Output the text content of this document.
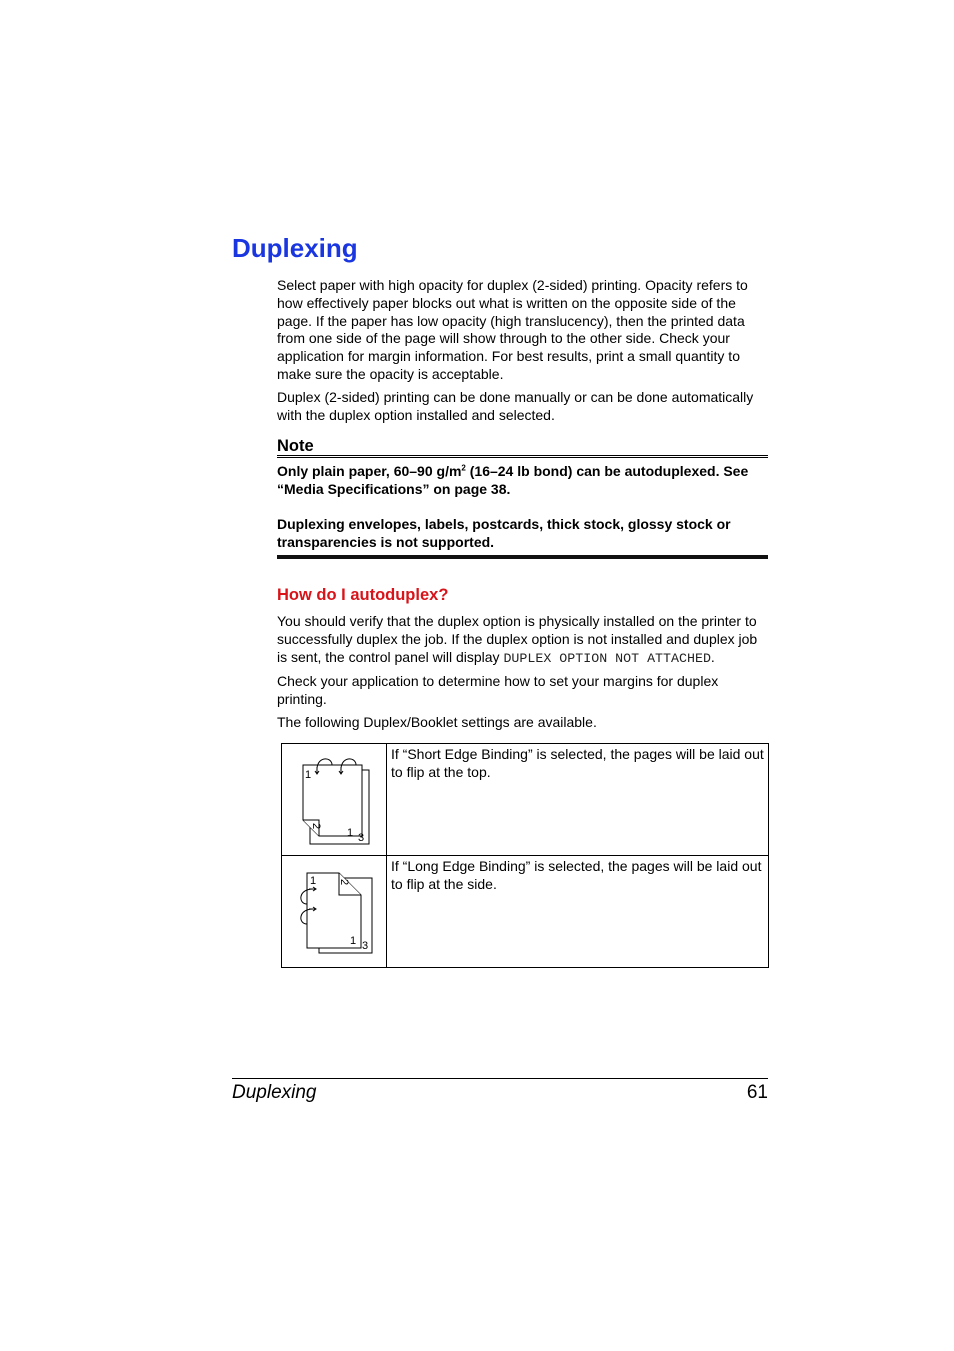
Duplexing

Select paper with high opacity for duplex (2-sided) printing. Opacity refers to how effectively paper blocks out what is written on the opposite side of the page. If the paper has low opacity (high translucency), then the printed data from one side of the page will show through to the other side. Check your application for margin information. For best results, print a small quantity to make sure the opacity is acceptable.

Duplex (2-sided) printing can be done manually or can be done automatically with the duplex option installed and selected.

Note

Only plain paper, 60–90 $g/m^2$ (16–24 lb bond) can be autoduplexed. See “Media Specifications” on page 38.

Duplexing envelopes, labels, postcards, thick stock, glossy stock or transparencies is not supported.

How do I autoduplex?

You should verify that the duplex option is physically installed on the printer to successfully duplex the job. If the duplex option is not installed and duplex job is sent, the control panel will display DUPLEX OPTION NOT ATTACHED.

Check your application to determine how to set your margins for duplex printing.

The following Duplex/Booklet settings are available.

1
2
1 3	If “Short Edge Binding” is selected, the pages will be laid out to flip at the top.

1 2
1 3	If “Long Edge Binding” is selected, the pages will be laid out to flip at the side.

Duplexing	61
